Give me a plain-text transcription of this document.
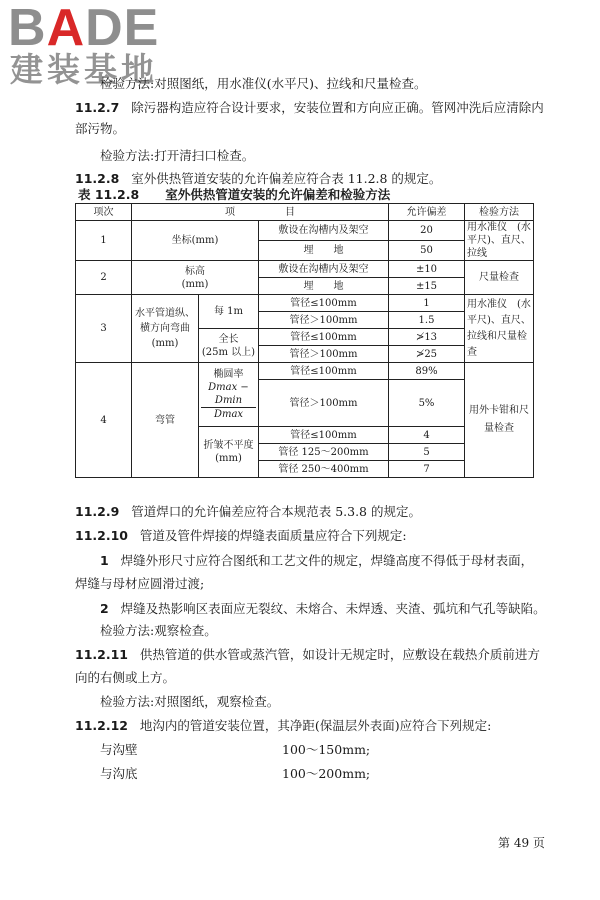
BADE
建装基地
检验方法:对照图纸，用水准仪(水平尺)、拉线和尺量检查。
11.2.7 除污器构造应符合设计要求，安装位置和方向应正确。管网冲洗后应清除内
部污物。
检验方法:打开清扫口检查。
11.2.8 室外供热管道安装的允许偏差应符合表 11.2.8 的规定。
表 11.2.8 室外供热管道安装的允许偏差和检验方法
项次	项　　　　　目			允许偏差	检验方法
1	坐标(mm)		敷设在沟槽内及架空	20	用水准仪　(水平尺)、直尺、拉线
			埋　　地	50	
2	标高
(mm)		敷设在沟槽内及架空	±10	尺量检查
			埋　　地	±15	
3	水平管道纵、横方向弯曲(mm)	每 1m	管径≤100mm	1	用水准仪　(水平尺)、直尺、拉线和尺量检查
			管径＞100mm	1.5	
		全长
(25m 以上)	管径≤100mm	≯13	
			管径＞100mm	≯25	
4	弯管	椭圆率
$\frac{Dmax - Dmin}{Dmax}$	管径≤100mm	89%	用外卡钳和尺量检查
			管径＞100mm	5%	
		折皱不平度
(mm)	管径≤100mm	4	
			管径 125～200mm	5	
			管径 250～400mm	7	
11.2.9 管道焊口的允许偏差应符合本规范表 5.3.8 的规定。
11.2.10 管道及管件焊接的焊缝表面质量应符合下列规定:
1 焊缝外形尺寸应符合图纸和工艺文件的规定，焊缝高度不得低于母材表面，
焊缝与母材应圆滑过渡;
2 焊缝及热影响区表面应无裂纹、未熔合、未焊透、夹渣、弧坑和气孔等缺陷。
检验方法:观察检查。
11.2.11 供热管道的供水管或蒸汽管，如设计无规定时，应敷设在载热介质前进方
向的右侧或上方。
检验方法:对照图纸，观察检查。
11.2.12 地沟内的管道安装位置，其净距(保温层外表面)应符合下列规定:
与沟壁	100～150mm;
与沟底	100～200mm;
第 49 页
